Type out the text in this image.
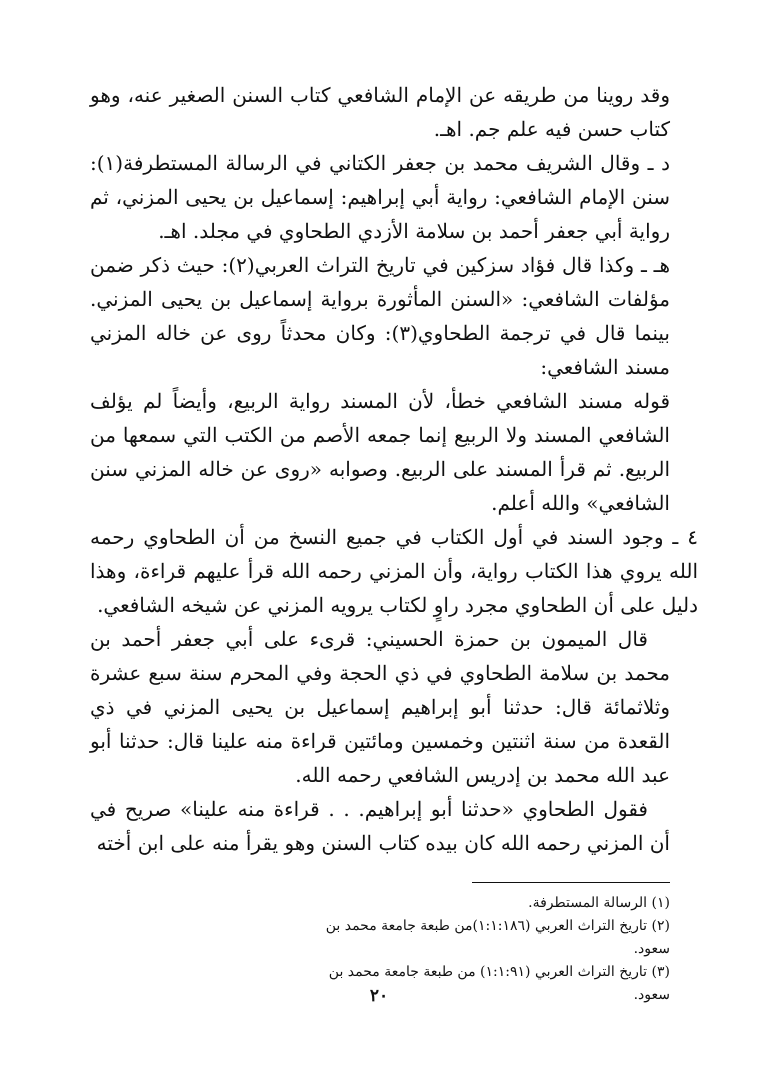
وقد روينا من طريقه عن الإمام الشافعي كتاب السنن الصغير عنه، وهو كتاب حسن فيه علم جم. اهـ.

د ـ وقال الشريف محمد بن جعفر الكتاني في الرسالة المستطرفة(١): سنن الإمام الشافعي: رواية أبي إبراهيم: إسماعيل بن يحيى المزني، ثم رواية أبي جعفر أحمد بن سلامة الأزدي الطحاوي في مجلد. اهـ.

هـ ـ وكذا قال فؤاد سزكين في تاريخ التراث العربي(٢): حيث ذكر ضمن مؤلفات الشافعي: «السنن المأثورة برواية إسماعيل بن يحيى المزني. بينما قال في ترجمة الطحاوي(٣): وكان محدثاً روى عن خاله المزني مسند الشافعي:

قوله مسند الشافعي خطأ، لأن المسند رواية الربيع، وأيضاً لم يؤلف الشافعي المسند ولا الربيع إنما جمعه الأصم من الكتب التي سمعها من الربيع. ثم قرأ المسند على الربيع. وصوابه «روى عن خاله المزني سنن الشافعي» والله أعلم.

٤ ـ وجود السند في أول الكتاب في جميع النسخ من أن الطحاوي رحمه الله يروي هذا الكتاب رواية، وأن المزني رحمه الله قرأ عليهم قراءة، وهذا دليل على أن الطحاوي مجرد راوٍ لكتاب يرويه المزني عن شيخه الشافعي.

قال الميمون بن حمزة الحسيني: قرىء على أبي جعفر أحمد بن محمد بن سلامة الطحاوي في ذي الحجة وفي المحرم سنة سبع عشرة وثلاثمائة قال: حدثنا أبو إبراهيم إسماعيل بن يحيى المزني في ذي القعدة من سنة اثنتين وخمسين ومائتين قراءة منه علينا قال: حدثنا أبو عبد الله محمد بن إدريس الشافعي رحمه الله.

فقول الطحاوي «حدثنا أبو إبراهيم. . . قراءة منه علينا» صريح في أن المزني رحمه الله كان بيده كتاب السنن وهو يقرأ منه على ابن أخته

(١) الرسالة المستطرفة.

(٢) تاريخ التراث العربي (١:١:١٨٦)من طبعة جامعة محمد بن سعود.

(٣) تاريخ التراث العربي (١:١:٩١) من طبعة جامعة محمد بن سعود.

٢٠
